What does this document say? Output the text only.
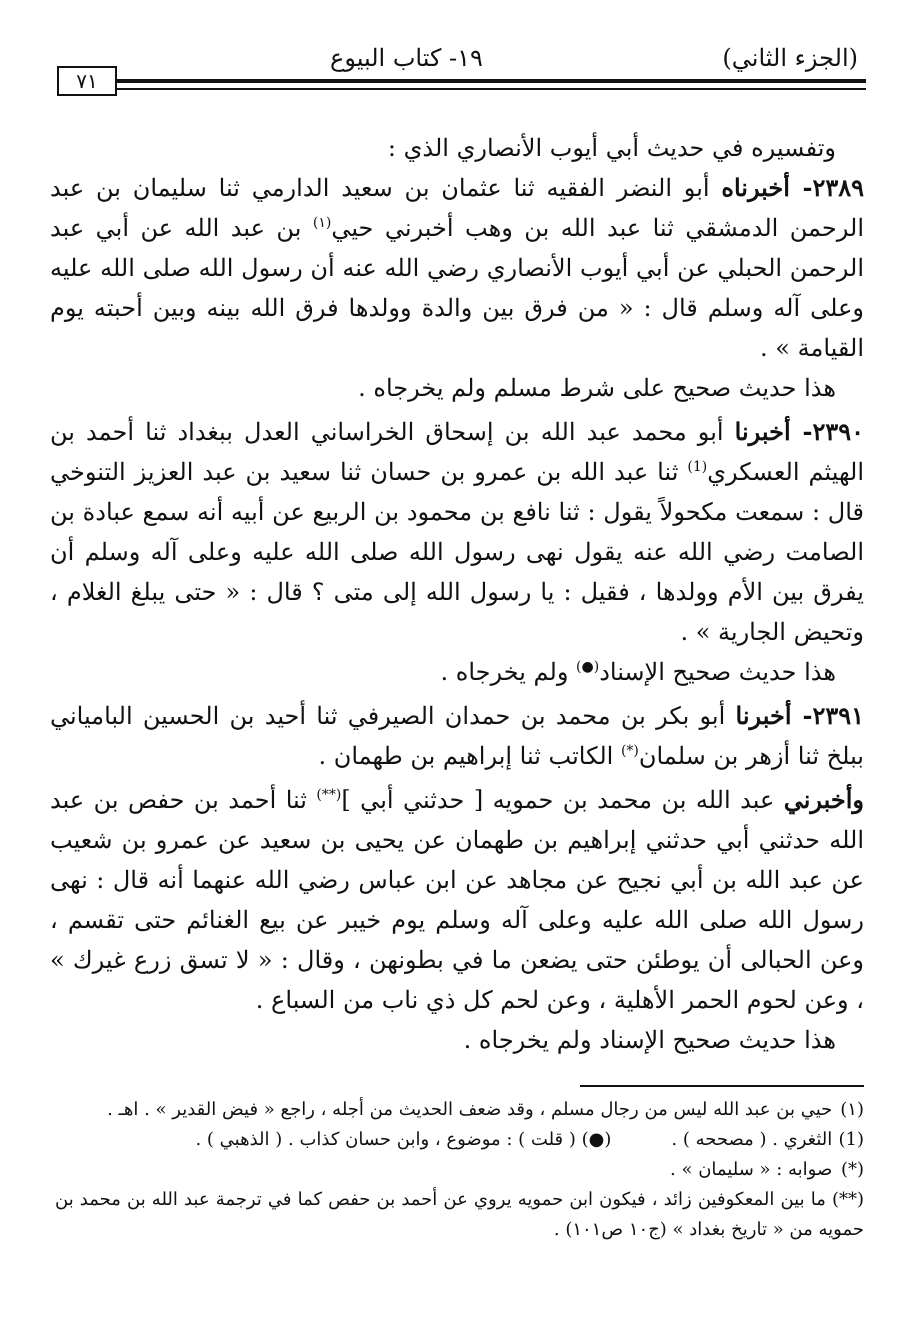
(الجزء الثاني)
١٩- كتاب البيوع
٧١

وتفسيره في حديث أبي أيوب الأنصاري الذي :

٢٣٨٩- أخبرناه أبو النضر الفقيه ثنا عثمان بن سعيد الدارمي ثنا سليمان بن عبد الرحمن الدمشقي ثنا عبد الله بن وهب أخبرني حيي$^{(١)}$ بن عبد الله عن أبي عبد الرحمن الحبلي عن أبي أيوب الأنصاري رضي الله عنه أن رسول الله صلى الله عليه وعلى آله وسلم قال : « من فرق بين والدة وولدها فرق الله بينه وبين أحبته يوم القيامة » .

هذا حديث صحيح على شرط مسلم ولم يخرجاه .

٢٣٩٠- أخبرنا أبو محمد عبد الله بن إسحاق الخراساني العدل ببغداد ثنا أحمد بن الهيثم العسكري$^{(1)}$ ثنا عبد الله بن عمرو بن حسان ثنا سعيد بن عبد العزيز التنوخي قال : سمعت مكحولاً يقول : ثنا نافع بن محمود بن الربيع عن أبيه أنه سمع عبادة بن الصامت رضي الله عنه يقول نهى رسول الله صلى الله عليه وعلى آله وسلم أن يفرق بين الأم وولدها ، فقيل : يا رسول الله إلى متى ؟ قال : « حتى يبلغ الغلام ، وتحيض الجارية » .

هذا حديث صحيح الإسناد(●) ولم يخرجاه .

٢٣٩١- أخبرنا أبو بكر بن محمد بن حمدان الصيرفي ثنا أحيد بن الحسين البامياني ببلخ ثنا أزهر بن سلمان(*) الكاتب ثنا إبراهيم بن طهمان .

وأخبرني عبد الله بن محمد بن حمويه [ حدثني أبي ](**) ثنا أحمد بن حفص بن عبد الله حدثني أبي حدثني إبراهيم بن طهمان عن يحيى بن سعيد عن عمرو بن شعيب عن عبد الله بن أبي نجيح عن مجاهد عن ابن عباس رضي الله عنهما أنه قال : نهى رسول الله صلى الله عليه وعلى آله وسلم يوم خيبر عن بيع الغنائم حتى تقسم ، وعن الحبالى أن يوطئن حتى يضعن ما في بطونهن ، وقال : « لا تسق زرع غيرك » ، وعن لحوم الحمر الأهلية ، وعن لحم كل ذي ناب من السباع .

هذا حديث صحيح الإسناد ولم يخرجاه .

(١) حيي بن عبد الله ليس من رجال مسلم ، وقد ضعف الحديث من أجله ، راجع « فيض القدير » . اهـ .

(1) الثغري . ( مصححه ) .
(●) ( قلت ) : موضوع ، وابن حسان كذاب . ( الذهبي ) .

(*) صوابه : « سليمان » .

(**) ما بين المعكوفين زائد ، فيكون ابن حمويه يروي عن أحمد بن حفص كما في ترجمة عبد الله بن محمد بن حمويه من « تاريخ بغداد » (ج١٠ ص١٠١) .
